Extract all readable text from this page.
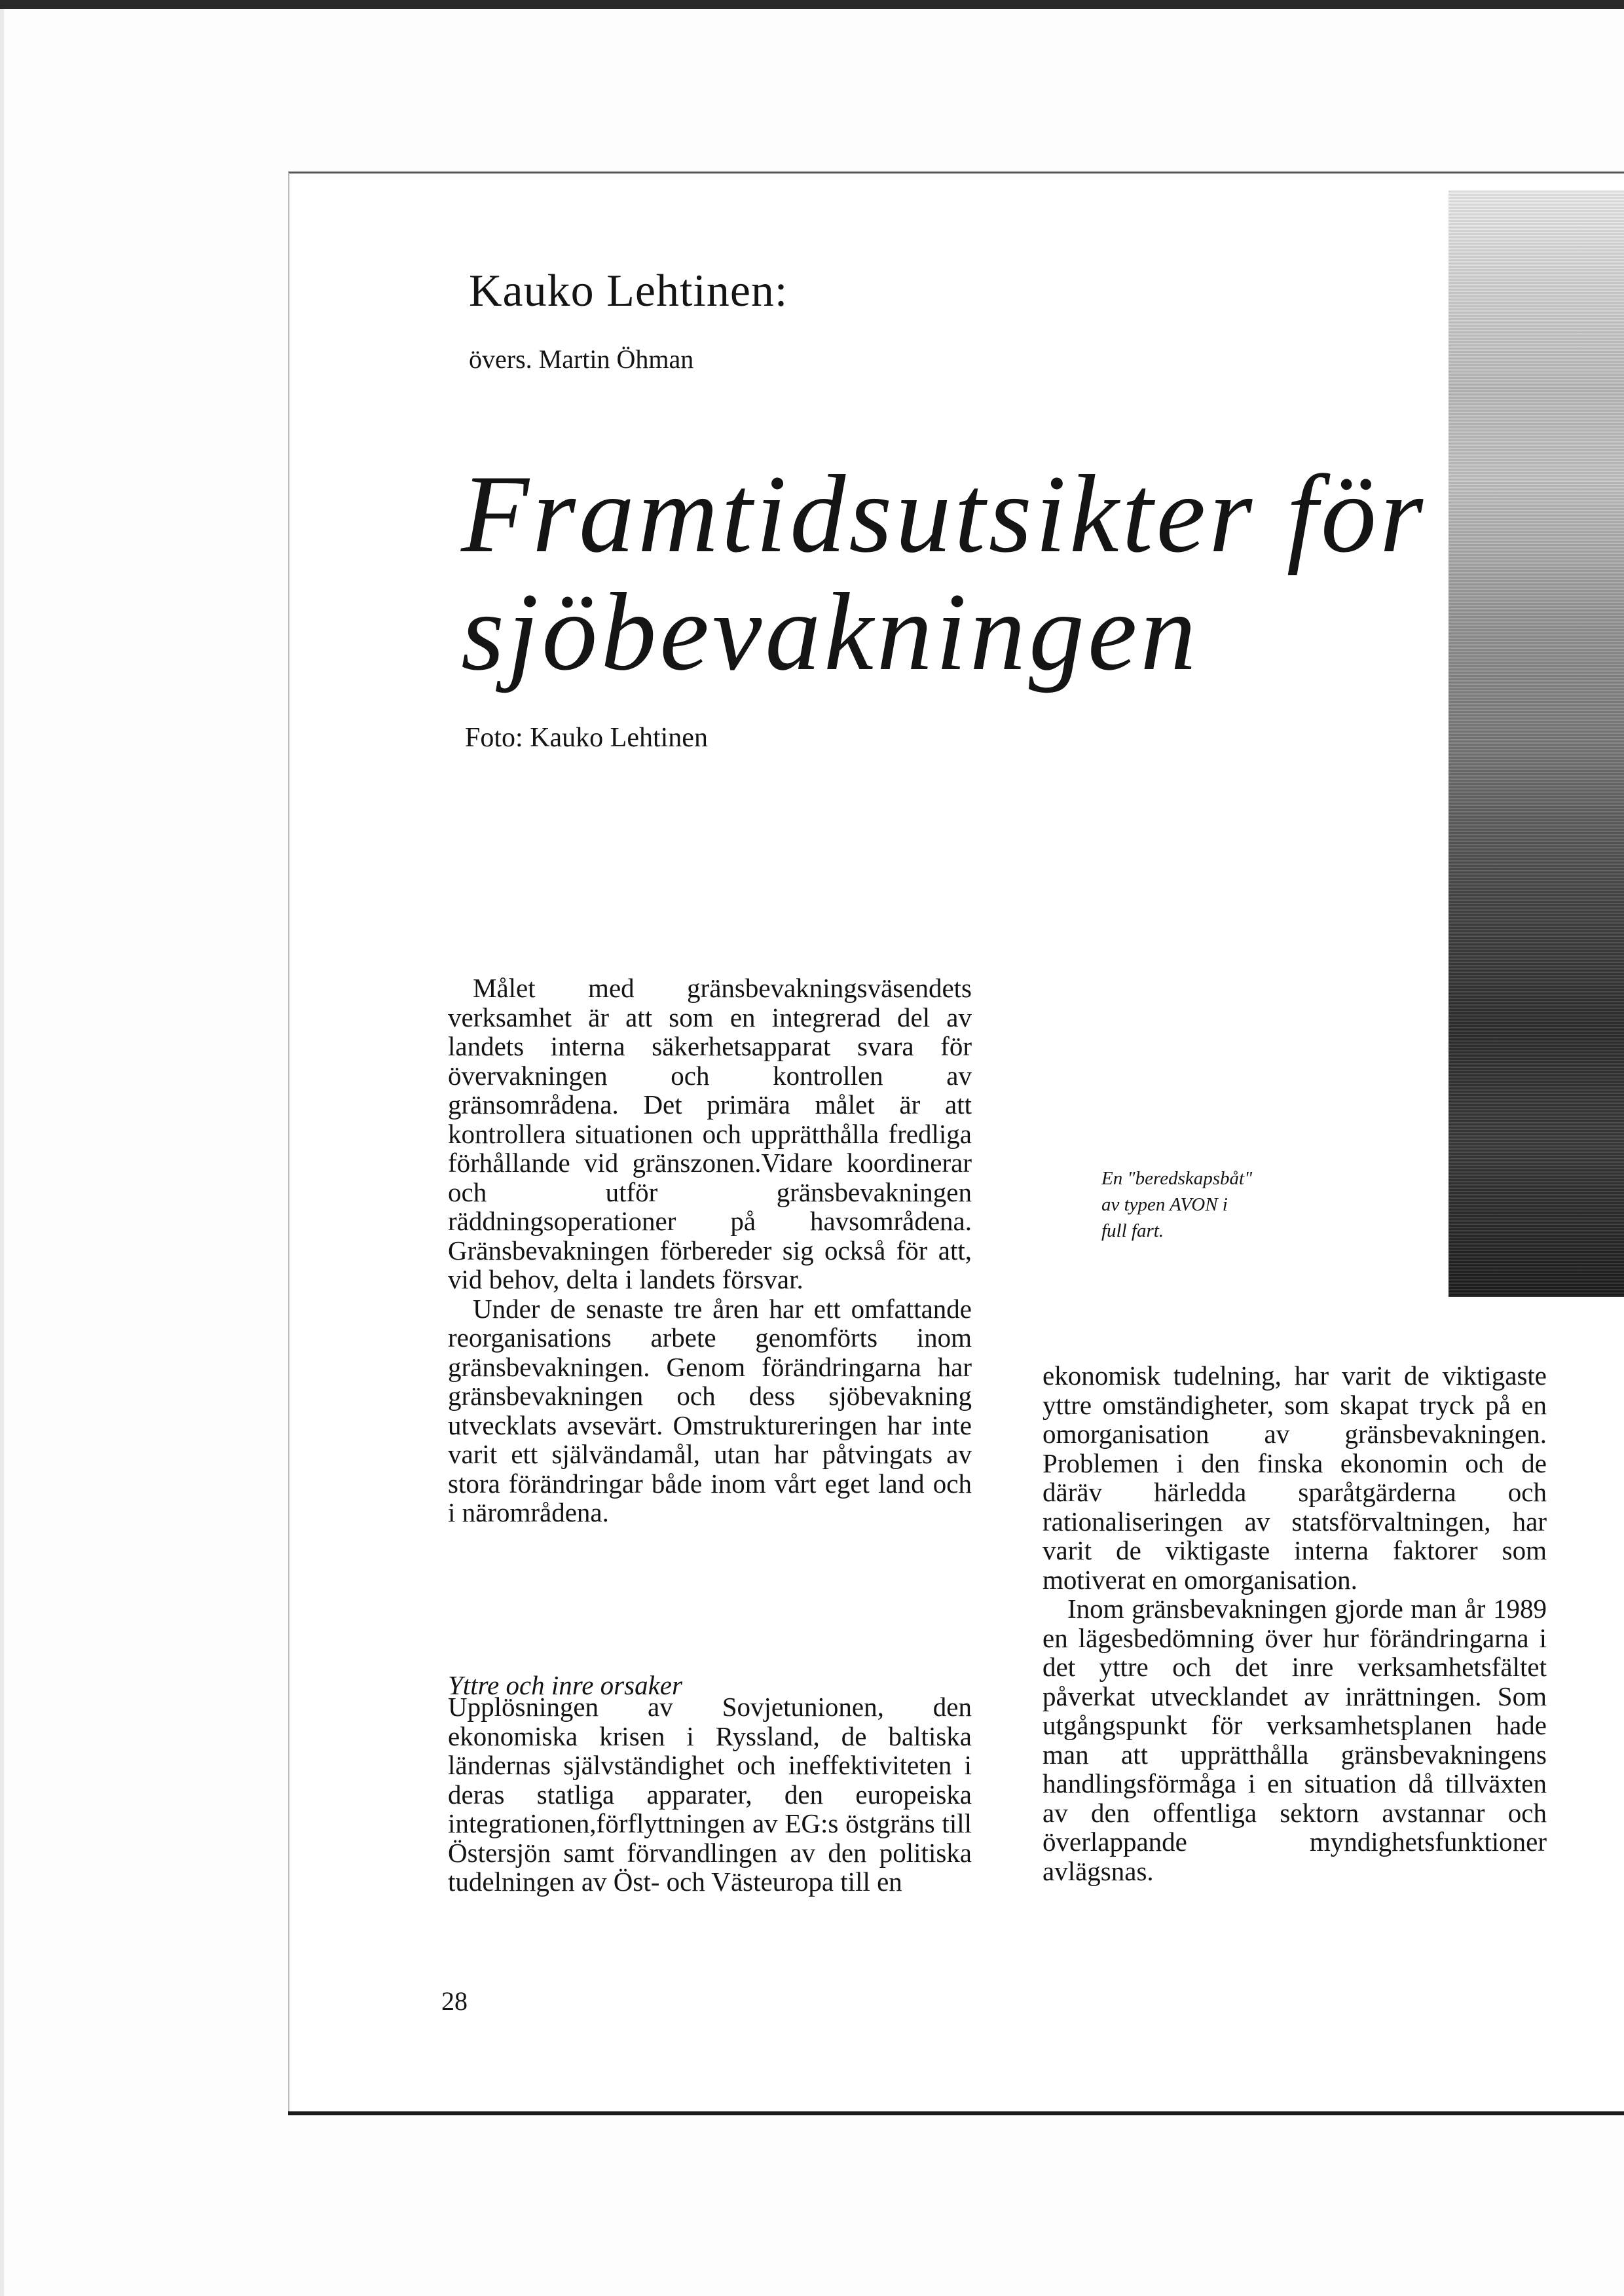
Kauko Lehtinen:
övers. Martin Öhman
Framtidsutsikter för sjöbevakningen
Foto: Kauko Lehtinen
En "beredskapsbåt"
av typen AVON i
full fart.

Målet med gränsbevakningsväsendets verksamhet är att som en integrerad del av landets interna säkerhetsapparat svara för övervakningen och kontrollen av gränsområdena. Det primära målet är att kontrollera situationen och upprätthålla fredliga förhållande vid gränszonen.Vidare koordinerar och utför gränsbevakningen räddningsoperationer på havsområdena. Gränsbevakningen förbereder sig också för att, vid behov, delta i landets försvar.

Under de senaste tre åren har ett omfattande reorganisations arbete genomförts inom gränsbevakningen. Genom förändringarna har gränsbevakningen och dess sjöbevakning utvecklats avsevärt. Omstruktureringen har inte varit ett självändamål, utan har påtvingats av stora förändringar både inom vårt eget land och i närområdena.

Yttre och inre orsaker

Upplösningen av Sovjetunionen, den ekonomiska krisen i Ryssland, de baltiska ländernas självständighet och ineffektiviteten i deras statliga apparater, den europeiska integrationen,förflyttningen av EG:s östgräns till Östersjön samt förvandlingen av den politiska tudelningen av Öst- och Västeuropa till en

ekonomisk tudelning, har varit de viktigaste yttre omständigheter, som skapat tryck på en omorganisation av gränsbevakningen. Problemen i den finska ekonomin och de däräv härledda sparåtgärderna och rationaliseringen av statsförvaltningen, har varit de viktigaste interna faktorer som motiverat en omorganisation.

Inom gränsbevakningen gjorde man år 1989 en lägesbedömning över hur förändringarna i det yttre och det inre verksamhetsfältet påverkat utvecklandet av inrättningen. Som utgångspunkt för verksamhetsplanen hade man att upprätthålla gränsbevakningens handlingsförmåga i en situation då tillväxten av den offentliga sektorn avstannar och överlappande myndighetsfunktioner avlägsnas.

28
